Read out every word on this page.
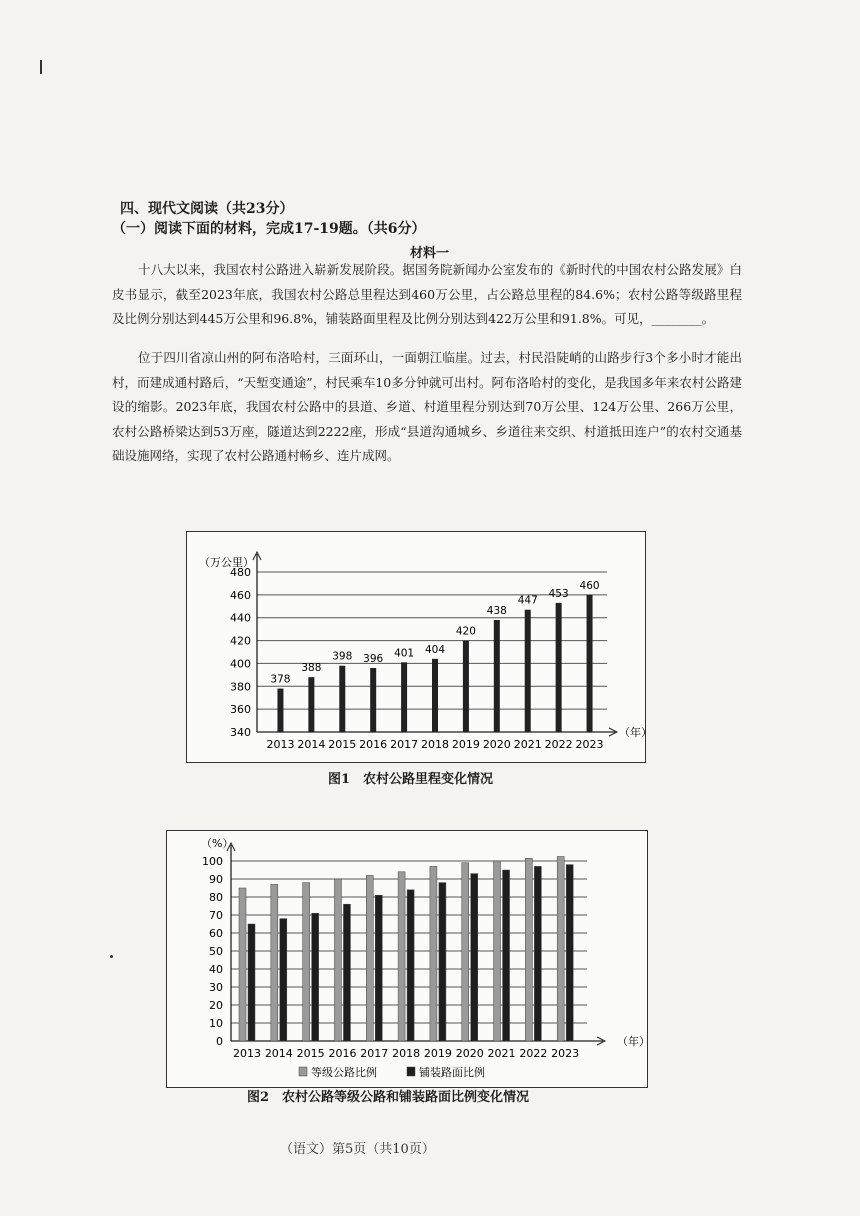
四、现代文阅读（共23分）
（一）阅读下面的材料，完成17-19题。（共6分）
材料一
十八大以来，我国农村公路进入崭新发展阶段。据国务院新闻办公室发布的《新时代的中国农村公路发展》白皮书显示，截至2023年底，我国农村公路总里程达到460万公里，占公路总里程的84.6%；农村公路等级路里程及比例分别达到445万公里和96.8%，铺装路面里程及比例分别达到422万公里和91.8%。可见，________。
位于四川省凉山州的阿布洛哈村，三面环山，一面朝江临崖。过去，村民沿陡峭的山路步行3个多小时才能出村，而建成通村路后，“天堑变通途”，村民乘车10多分钟就可出村。阿布洛哈村的变化，是我国多年来农村公路建设的缩影。2023年底，我国农村公路中的县道、乡道、村道里程分别达到70万公里、124万公里、266万公里，农村公路桥梁达到53万座，隧道达到2222座，形成“县道沟通城乡、乡道往来交织、村道抵田连户”的农村交通基础设施网络，实现了农村公路通村畅乡、连片成网。
340
360
380
400
420
440
460
480
（万公里）
（年）
378
2013
388
2014
398
2015
396
2016
401
2017
404
2018
420
2019
438
2020
447
2021
453
2022
460
2023
图1　农村公路里程变化情况
0
10
20
30
40
50
60
70
80
90
100
（%）
（年）
2013 2014 2015 2016 2017 2018 2019 2020 2021 2022 2023
等级公路比例	铺装路面比例
图2　农村公路等级公路和铺装路面比例变化情况
（语文）第5页（共10页）
